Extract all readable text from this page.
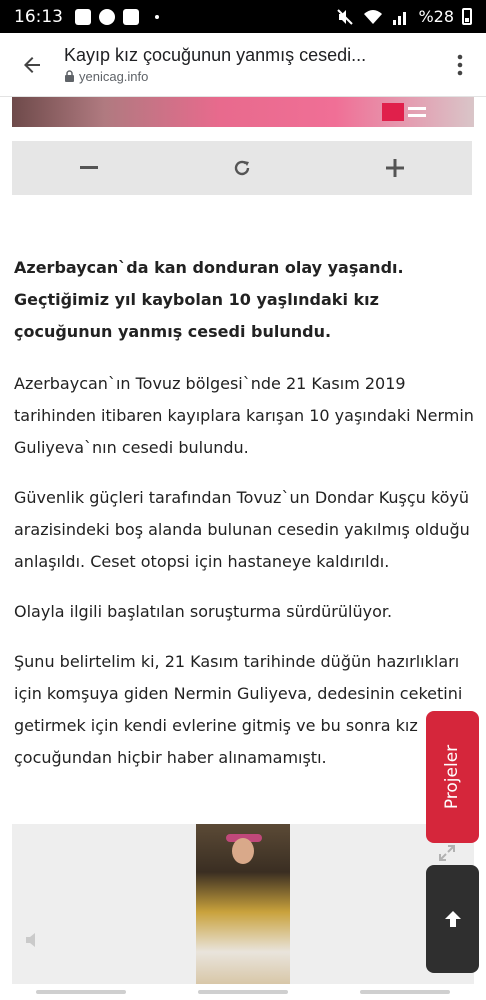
16:13	%28
Kayıp kız çocuğunun yanmış cesedi...
yenicag.info

Azerbaycan`da kan donduran olay yaşandı. Geçtiğimiz yıl kaybolan 10 yaşlındaki kız çocuğunun yanmış cesedi bulundu.

Azerbaycan`ın Tovuz bölgesi`nde 21 Kasım 2019 tarihinden itibaren kayıplara karışan 10 yaşındaki Nermin Guliyeva`nın cesedi bulundu.

Güvenlik güçleri tarafından Tovuz`un Dondar Kuşçu köyü arazisindeki boş alanda bulunan cesedin yakılmış olduğu anlaşıldı. Ceset otopsi için hastaneye kaldırıldı.

Olayla ilgili başlatılan soruşturma sürdürülüyor.

Şunu belirtelim ki, 21 Kasım tarihinde düğün hazırlıkları için komşuya giden Nermin Guliyeva, dedesinin ceketini getirmek için kendi evlerine gitmiş ve bu sonra kız çocuğundan hiçbir haber alınamamıştı.	Projeler
